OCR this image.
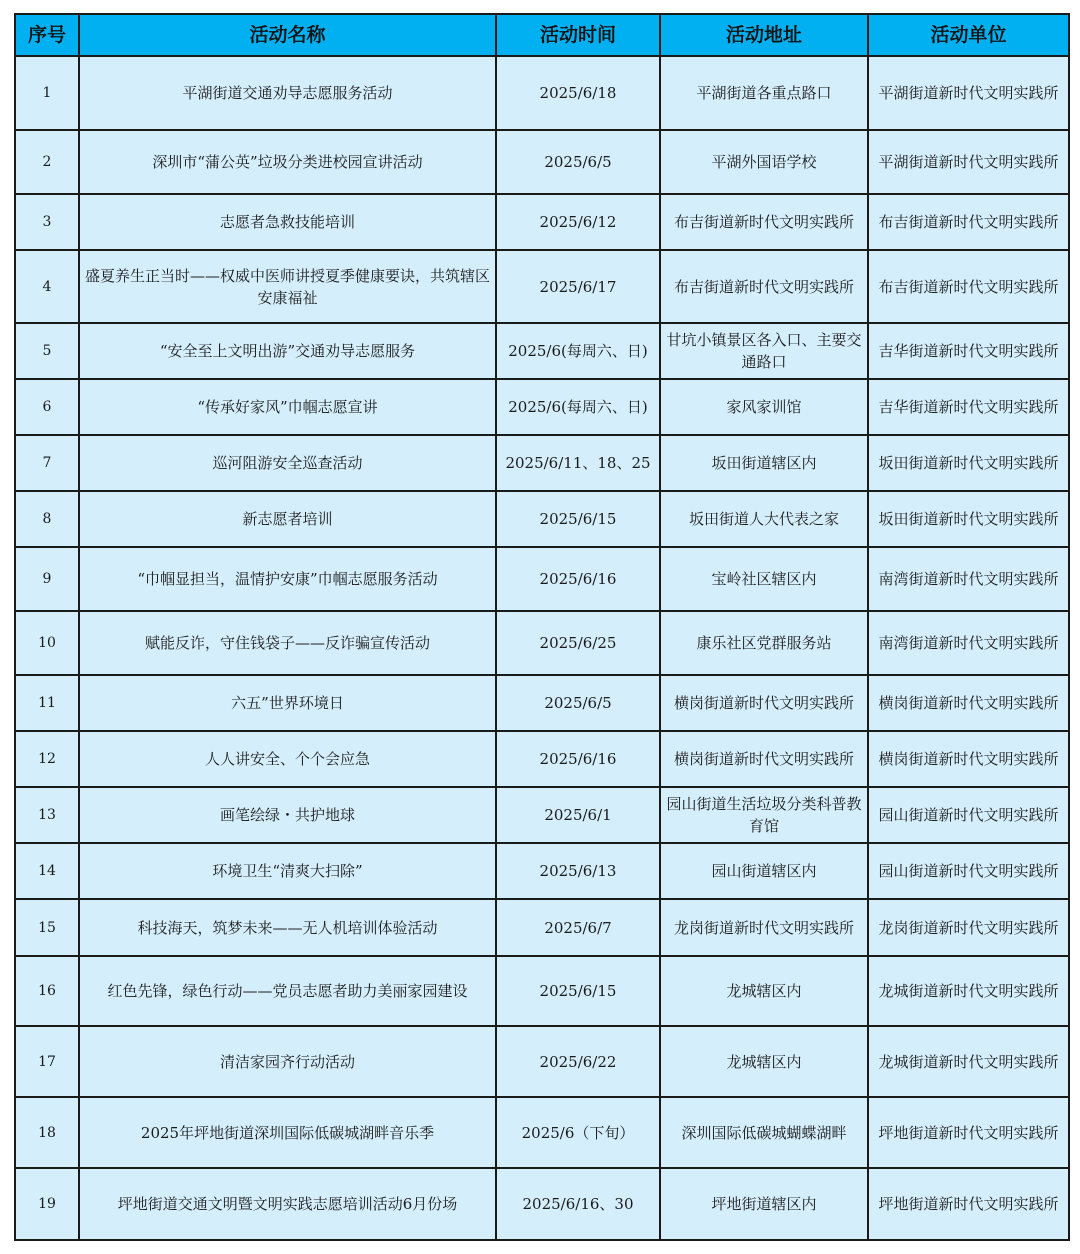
序号	活动名称	活动时间	活动地址	活动单位
1	平湖街道交通劝导志愿服务活动	2025/6/18	平湖街道各重点路口	平湖街道新时代文明实践所
2	深圳市“蒲公英”垃圾分类进校园宣讲活动	2025/6/5	平湖外国语学校	平湖街道新时代文明实践所
3	志愿者急救技能培训	2025/6/12	布吉街道新时代文明实践所	布吉街道新时代文明实践所
4	盛夏养生正当时——权威中医师讲授夏季健康要诀，共筑辖区安康福祉	2025/6/17	布吉街道新时代文明实践所	布吉街道新时代文明实践所
5	“安全至上文明出游”交通劝导志愿服务	2025/6(每周六、日)	甘坑小镇景区各入口、主要交通路口	吉华街道新时代文明实践所
6	“传承好家风”巾帼志愿宣讲	2025/6(每周六、日)	家风家训馆	吉华街道新时代文明实践所
7	巡河阻游安全巡查活动	2025/6/11、18、25	坂田街道辖区内	坂田街道新时代文明实践所
8	新志愿者培训	2025/6/15	坂田街道人大代表之家	坂田街道新时代文明实践所
9	“巾帼显担当，温情护安康”巾帼志愿服务活动	2025/6/16	宝岭社区辖区内	南湾街道新时代文明实践所
10	赋能反诈，守住钱袋子——反诈骗宣传活动	2025/6/25	康乐社区党群服务站	南湾街道新时代文明实践所
11	六五”世界环境日	2025/6/5	横岗街道新时代文明实践所	横岗街道新时代文明实践所
12	人人讲安全、个个会应急	2025/6/16	横岗街道新时代文明实践所	横岗街道新时代文明实践所
13	画笔绘绿・共护地球	2025/6/1	园山街道生活垃圾分类科普教育馆	园山街道新时代文明实践所
14	环境卫生“清爽大扫除”	2025/6/13	园山街道辖区内	园山街道新时代文明实践所
15	科技海天，筑梦未来——无人机培训体验活动	2025/6/7	龙岗街道新时代文明实践所	龙岗街道新时代文明实践所
16	红色先锋，绿色行动——党员志愿者助力美丽家园建设	2025/6/15	龙城辖区内	龙城街道新时代文明实践所
17	清洁家园齐行动活动	2025/6/22	龙城辖区内	龙城街道新时代文明实践所
18	2025年坪地街道深圳国际低碳城湖畔音乐季	2025/6（下旬）	深圳国际低碳城蝴蝶湖畔	坪地街道新时代文明实践所
19	坪地街道交通文明暨文明实践志愿培训活动6月份场	2025/6/16、30	坪地街道辖区内	坪地街道新时代文明实践所
